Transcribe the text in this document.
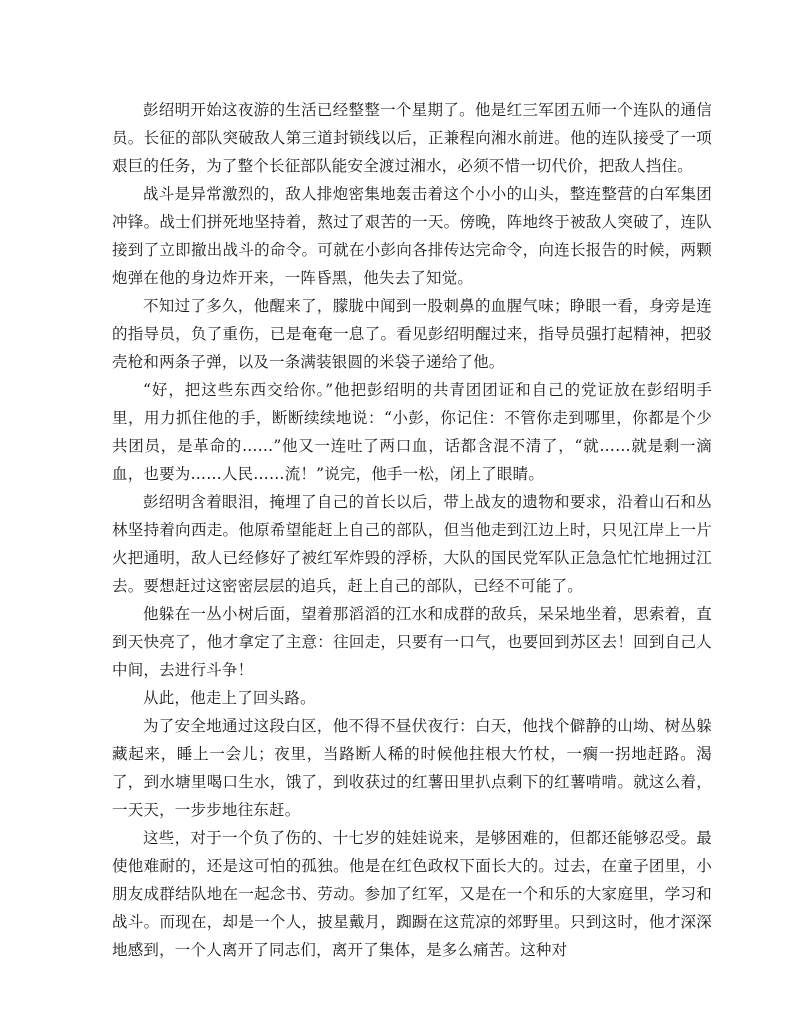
彭绍明开始这夜游的生活已经整整一个星期了。他是红三军团五师一个连队的通信员。长征的部队突破敌人第三道封锁线以后，正兼程向湘水前进。他的连队接受了一项艰巨的任务，为了整个长征部队能安全渡过湘水，必须不惜一切代价，把敌人挡住。

战斗是异常激烈的，敌人排炮密集地轰击着这个小小的山头，整连整营的白军集团冲锋。战士们拼死地坚持着，熬过了艰苦的一天。傍晚，阵地终于被敌人突破了，连队接到了立即撤出战斗的命令。可就在小彭向各排传达完命令，向连长报告的时候，两颗炮弹在他的身边炸开来，一阵昏黑，他失去了知觉。

不知过了多久，他醒来了，朦胧中闻到一股刺鼻的血腥气味；睁眼一看，身旁是连的指导员，负了重伤，已是奄奄一息了。看见彭绍明醒过来，指导员强打起精神，把驳壳枪和两条子弹，以及一条满装银圆的米袋子递给了他。

“好，把这些东西交给你。”他把彭绍明的共青团团证和自己的党证放在彭绍明手里，用力抓住他的手，断断续续地说：“小彭，你记住：不管你走到哪里，你都是个少共团员，是革命的……”他又一连吐了两口血，话都含混不清了，“就……就是剩一滴血，也要为……人民……流！”说完，他手一松，闭上了眼睛。

彭绍明含着眼泪，掩埋了自己的首长以后，带上战友的遗物和要求，沿着山石和丛林坚持着向西走。他原希望能赶上自己的部队，但当他走到江边上时，只见江岸上一片火把通明，敌人已经修好了被红军炸毁的浮桥，大队的国民党军队正急急忙忙地拥过江去。要想赶过这密密层层的追兵，赶上自己的部队，已经不可能了。

他躲在一丛小树后面，望着那滔滔的江水和成群的敌兵，呆呆地坐着，思索着，直到天快亮了，他才拿定了主意：往回走，只要有一口气，也要回到苏区去！回到自己人中间，去进行斗争！

从此，他走上了回头路。

为了安全地通过这段白区，他不得不昼伏夜行：白天，他找个僻静的山坳、树丛躲藏起来，睡上一会儿；夜里，当路断人稀的时候他拄根大竹杖，一瘸一拐地赶路。渴了，到水塘里喝口生水，饿了，到收获过的红薯田里扒点剩下的红薯啃啃。就这么着，一天天，一步步地往东赶。

这些，对于一个负了伤的、十七岁的娃娃说来，是够困难的，但都还能够忍受。最使他难耐的，还是这可怕的孤独。他是在红色政权下面长大的。过去，在童子团里，小朋友成群结队地在一起念书、劳动。参加了红军，又是在一个和乐的大家庭里，学习和战斗。而现在，却是一个人，披星戴月，踟蹰在这荒凉的郊野里。只到这时，他才深深地感到，一个人离开了同志们，离开了集体，是多么痛苦。这种对
